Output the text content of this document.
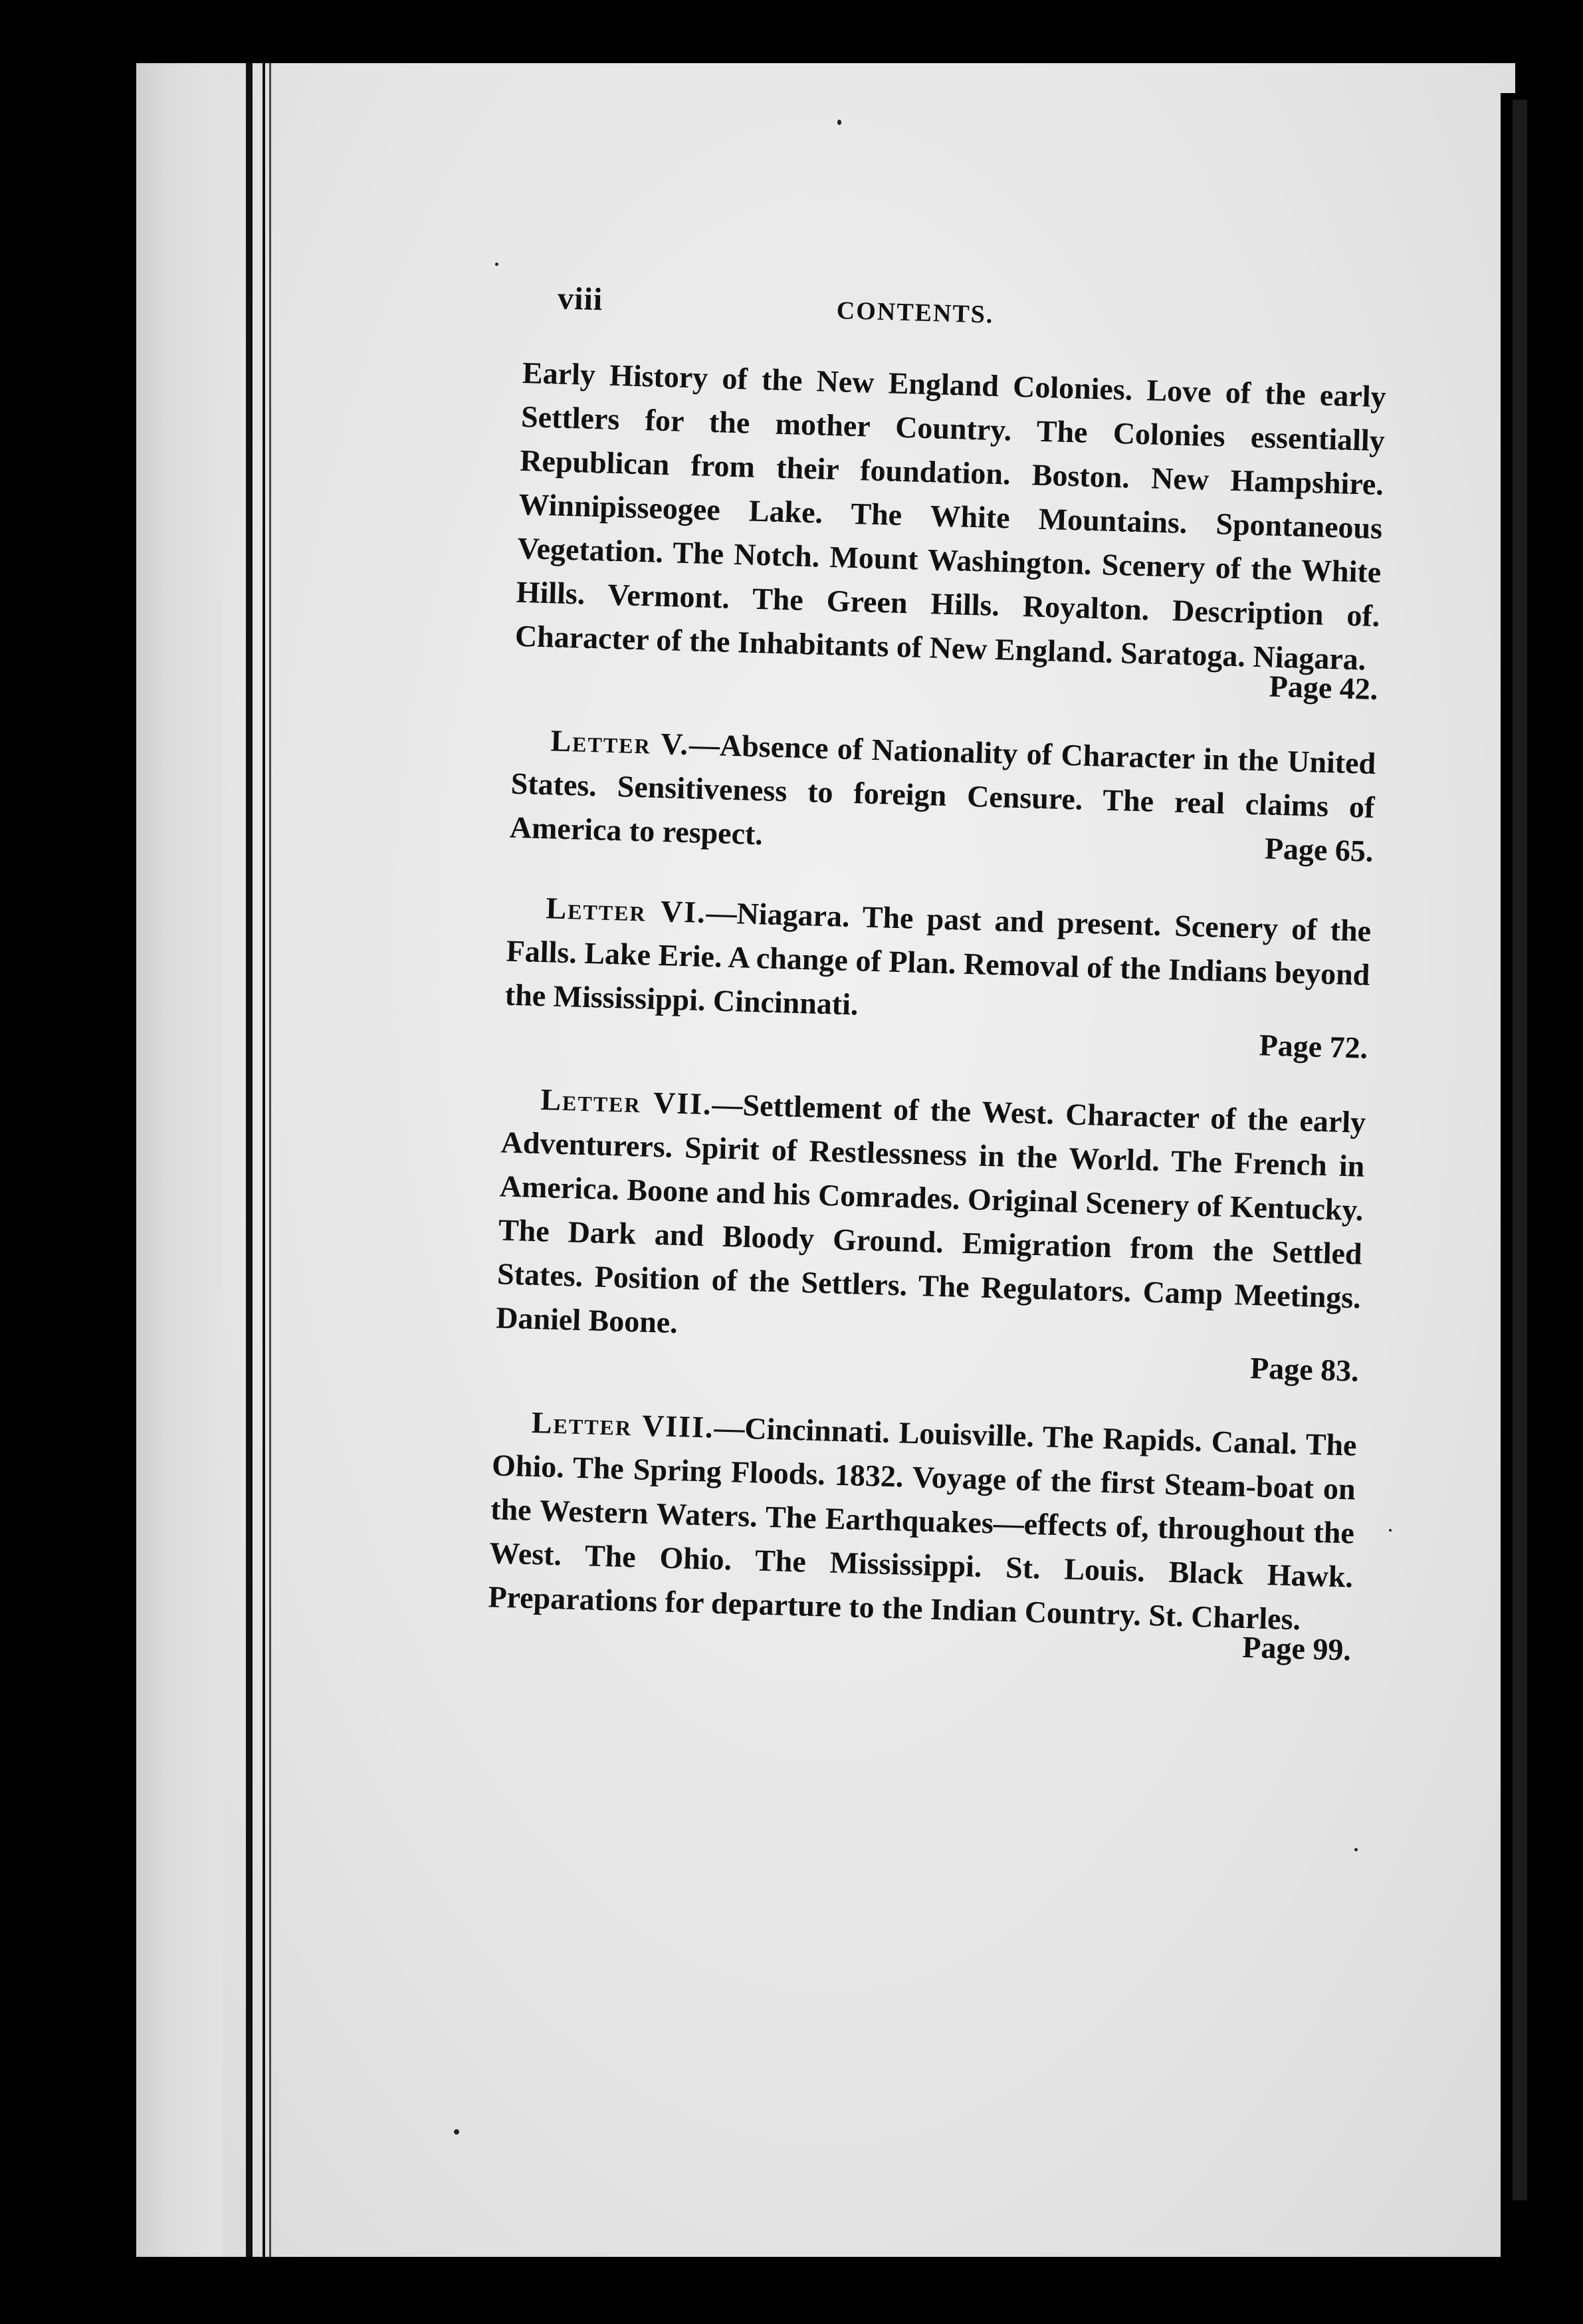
viii	CONTENTS.

Early History of the New England Colonies. Love of the early Settlers for the mother Country. The Colonies essentially Republican from their foundation. Boston. New Hampshire. Winnipisseogee Lake. The White Mountains. Spontaneous Vegetation. The Notch. Mount Washington. Scenery of the White Hills. Vermont. The Green Hills. Royalton. Description of. Character of the Inhabitants of New England. Saratoga. Niagara.

Page 42.

Letter V.—Absence of Nationality of Character in the United States. Sensitiveness to foreign Censure. The real claims of America to respect.	Page 65.

Letter VI.—Niagara. The past and present. Scenery of the Falls. Lake Erie. A change of Plan. Removal of the Indians beyond the Mississippi. Cincinnati.

Page 72.

Letter VII.—Settlement of the West. Character of the early Adventurers. Spirit of Restlessness in the World. The French in America. Boone and his Comrades. Original Scenery of Kentucky. The Dark and Bloody Ground. Emigration from the Settled States. Position of the Settlers. The Regulators. Camp Meetings. Daniel Boone.

Page 83.

Letter VIII.—Cincinnati. Louisville. The Rapids. Canal. The Ohio. The Spring Floods. 1832. Voyage of the first Steam-boat on the Western Waters. The Earthquakes—effects of, throughout the West. The Ohio. The Mississippi. St. Louis. Black Hawk. Preparations for departure to the Indian Country. St. Charles.

Page 99.
